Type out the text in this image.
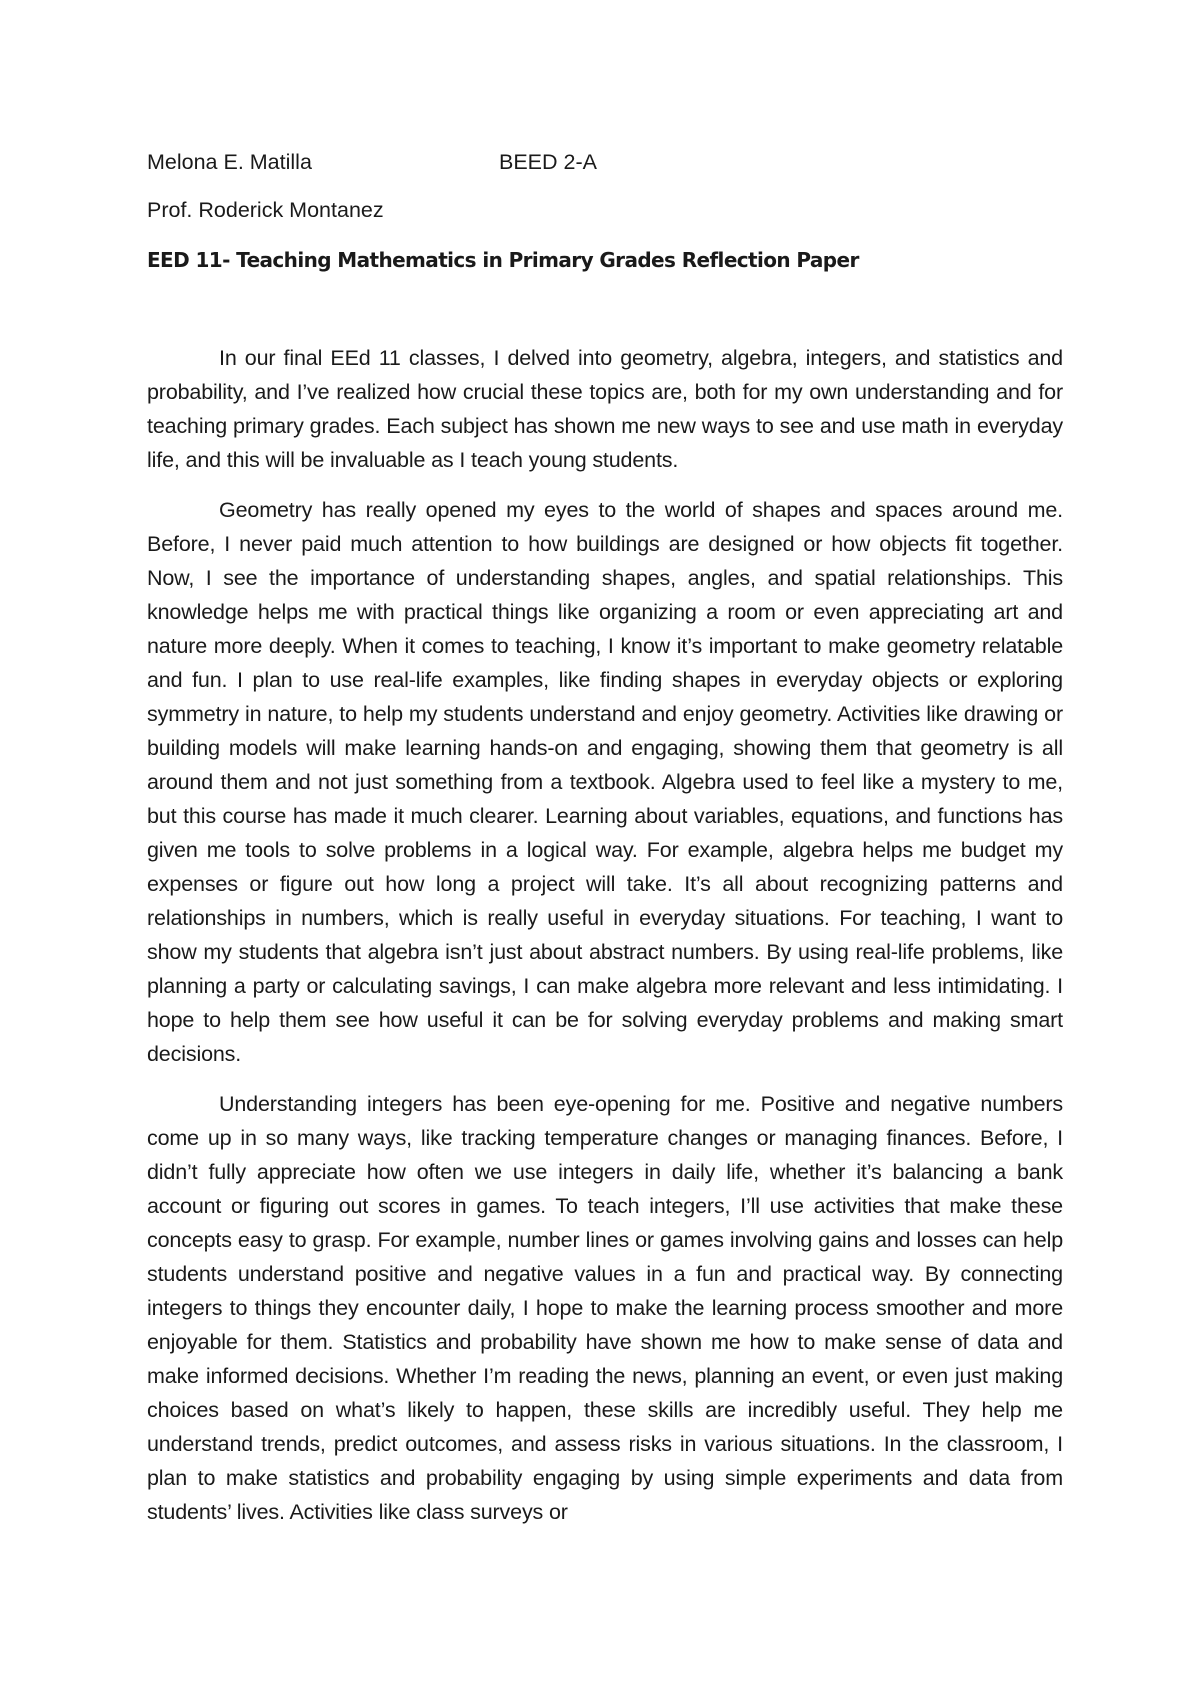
Melona E. Matilla	BEED 2-A
Prof. Roderick Montanez
EED 11- Teaching Mathematics in Primary Grades Reflection Paper

In our final EEd 11 classes, I delved into geometry, algebra, integers, and statistics and probability, and I’ve realized how crucial these topics are, both for my own understanding and for teaching primary grades. Each subject has shown me new ways to see and use math in everyday life, and this will be invaluable as I teach young students.

Geometry has really opened my eyes to the world of shapes and spaces around me. Before, I never paid much attention to how buildings are designed or how objects fit together. Now, I see the importance of understanding shapes, angles, and spatial relationships. This knowledge helps me with practical things like organizing a room or even appreciating art and nature more deeply. When it comes to teaching, I know it’s important to make geometry relatable and fun. I plan to use real-life examples, like finding shapes in everyday objects or exploring symmetry in nature, to help my students understand and enjoy geometry. Activities like drawing or building models will make learning hands-on and engaging, showing them that geometry is all around them and not just something from a textbook. Algebra used to feel like a mystery to me, but this course has made it much clearer. Learning about variables, equations, and functions has given me tools to solve problems in a logical way. For example, algebra helps me budget my expenses or figure out how long a project will take. It’s all about recognizing patterns and relationships in numbers, which is really useful in everyday situations. For teaching, I want to show my students that algebra isn’t just about abstract numbers. By using real-life problems, like planning a party or calculating savings, I can make algebra more relevant and less intimidating. I hope to help them see how useful it can be for solving everyday problems and making smart decisions.

Understanding integers has been eye-opening for me. Positive and negative numbers come up in so many ways, like tracking temperature changes or managing finances. Before, I didn’t fully appreciate how often we use integers in daily life, whether it’s balancing a bank account or figuring out scores in games. To teach integers, I’ll use activities that make these concepts easy to grasp. For example, number lines or games involving gains and losses can help students understand positive and negative values in a fun and practical way. By connecting integers to things they encounter daily, I hope to make the learning process smoother and more enjoyable for them. Statistics and probability have shown me how to make sense of data and make informed decisions. Whether I’m reading the news, planning an event, or even just making choices based on what’s likely to happen, these skills are incredibly useful. They help me understand trends, predict outcomes, and assess risks in various situations. In the classroom, I plan to make statistics and probability engaging by using simple experiments and data from students’ lives. Activities like class surveys or
